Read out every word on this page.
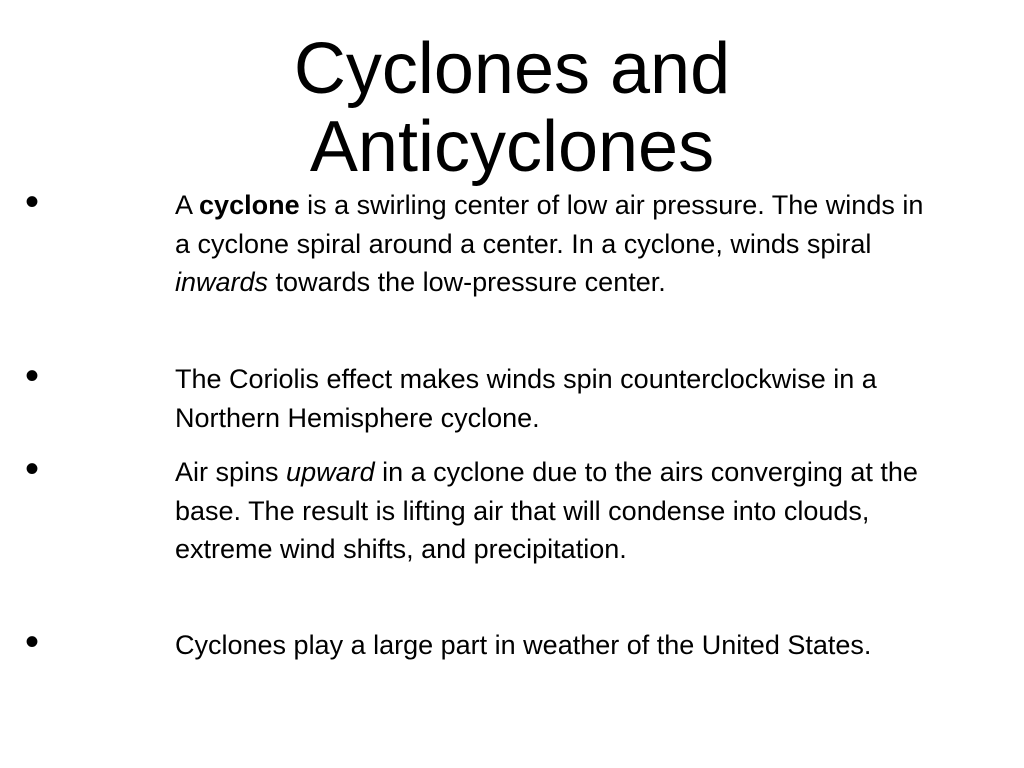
Cyclones and
Anticyclones

• A cyclone is a swirling center of low air pressure. The winds in a cyclone spiral around a center. In a cyclone, winds spiral inwards towards the low-pressure center.

• The Coriolis effect makes winds spin counterclockwise in a Northern Hemisphere cyclone.

• Air spins upward in a cyclone due to the airs converging at the base. The result is lifting air that will condense into clouds, extreme wind shifts, and precipitation.

• Cyclones play a large part in weather of the United States.
